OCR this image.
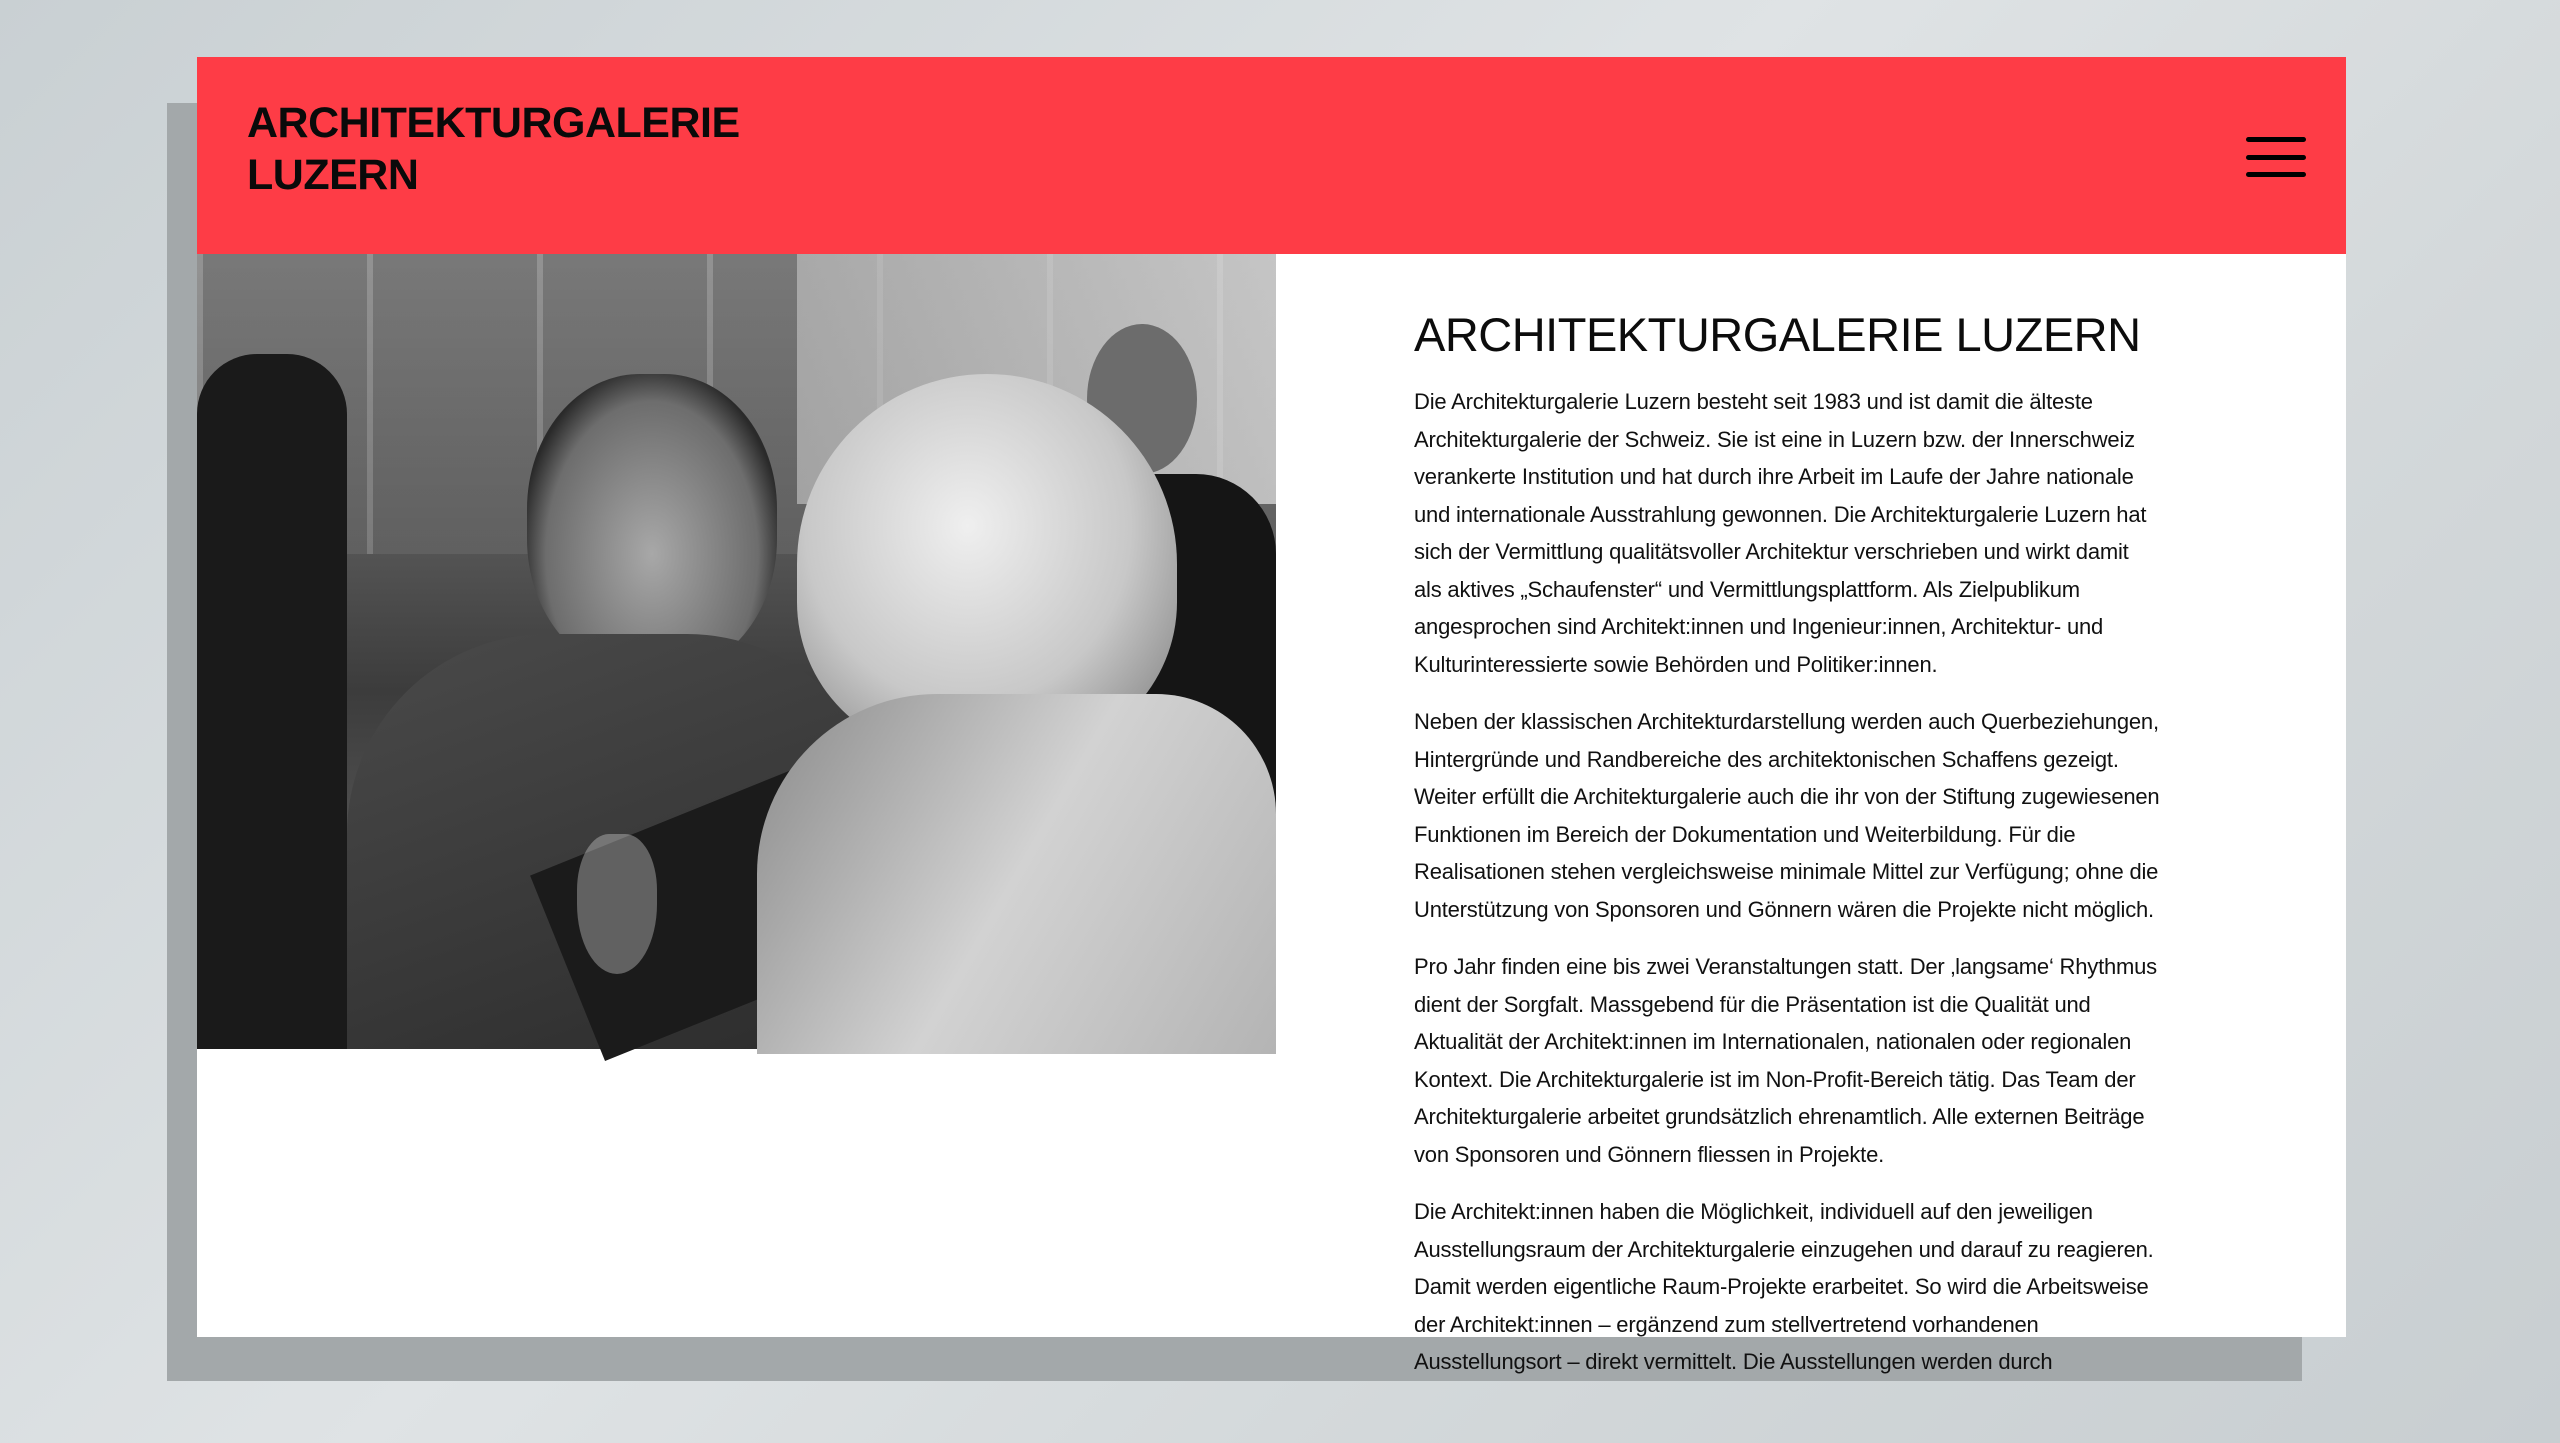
ARCHITEKTURGALERIE
LUZERN
ARCHITEKTURGALERIE LUZERN

Die Architekturgalerie Luzern besteht seit 1983 und ist damit die älteste
Architekturgalerie der Schweiz. Sie ist eine in Luzern bzw. der Innerschweiz
verankerte Institution und hat durch ihre Arbeit im Laufe der Jahre nationale
und internationale Ausstrahlung gewonnen. Die Architekturgalerie Luzern hat
sich der Vermittlung qualitätsvoller Architektur verschrieben und wirkt damit
als aktives „Schaufenster“ und Vermittlungsplattform. Als Zielpublikum
angesprochen sind Architekt:innen und Ingenieur:innen, Architektur- und
Kulturinteressierte sowie Behörden und Politiker:innen.

Neben der klassischen Architekturdarstellung werden auch Querbeziehungen,
Hintergründe und Randbereiche des architektonischen Schaffens gezeigt.
Weiter erfüllt die Architekturgalerie auch die ihr von der Stiftung zugewiesenen
Funktionen im Bereich der Dokumentation und Weiterbildung. Für die
Realisationen stehen vergleichsweise minimale Mittel zur Verfügung; ohne die
Unterstützung von Sponsoren und Gönnern wären die Projekte nicht möglich.

Pro Jahr finden eine bis zwei Veranstaltungen statt. Der ‚langsame‘ Rhythmus
dient der Sorgfalt. Massgebend für die Präsentation ist die Qualität und
Aktualität der Architekt:innen im Internationalen, nationalen oder regionalen
Kontext. Die Architekturgalerie ist im Non-Profit-Bereich tätig. Das Team der
Architekturgalerie arbeitet grundsätzlich ehrenamtlich. Alle externen Beiträge
von Sponsoren und Gönnern fliessen in Projekte.

Die Architekt:innen haben die Möglichkeit, individuell auf den jeweiligen
Ausstellungsraum der Architekturgalerie einzugehen und darauf zu reagieren.
Damit werden eigentliche Raum-Projekte erarbeitet. So wird die Arbeitsweise
der Architekt:innen – ergänzend zum stellvertretend vorhandenen
Ausstellungsort – direkt vermittelt. Die Ausstellungen werden durch
